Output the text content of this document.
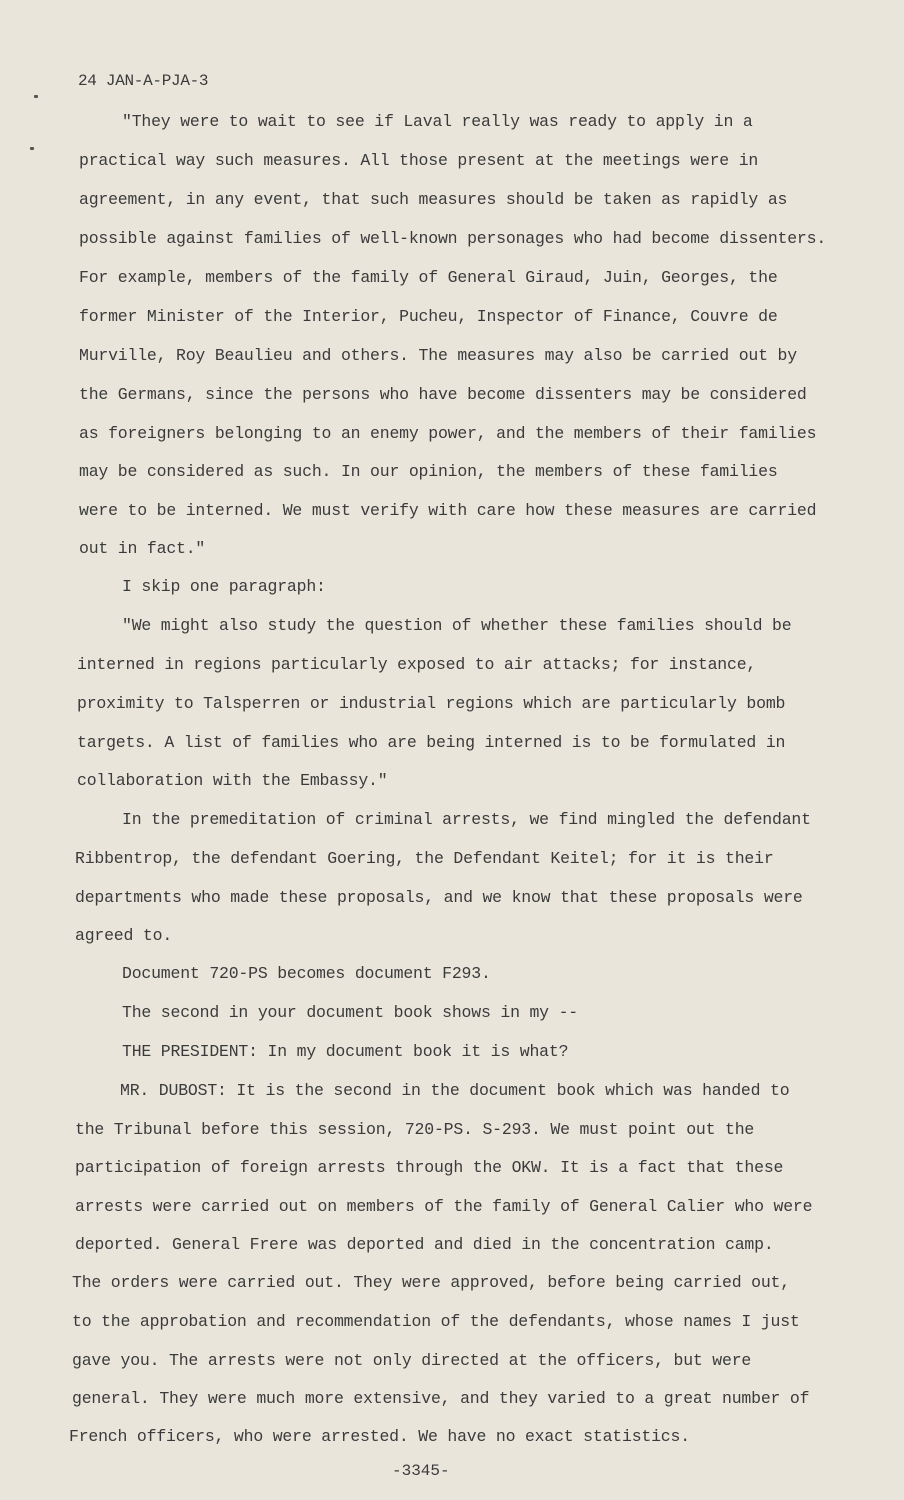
24 JAN-A-PJA-3
"They were to wait to see if Laval really was ready to apply in a
practical way such measures. All those present at the meetings were in
agreement, in any event, that such measures should be taken as rapidly as
possible against families of well-known personages who had become dissenters.
For example, members of the family of General Giraud, Juin, Georges, the
former Minister of the Interior, Pucheu, Inspector of Finance, Couvre de
Murville, Roy Beaulieu and others. The measures may also be carried out by
the Germans, since the persons who have become dissenters may be considered
as foreigners belonging to an enemy power, and the members of their families
may be considered as such. In our opinion, the members of these families
were to be interned. We must verify with care how these measures are carried
out in fact."
I skip one paragraph:
"We might also study the question of whether these families should be
interned in regions particularly exposed to air attacks; for instance,
proximity to Talsperren or industrial regions which are particularly bomb
targets. A list of families who are being interned is to be formulated in
collaboration with the Embassy."
In the premeditation of criminal arrests, we find mingled the defendant
Ribbentrop, the defendant Goering, the Defendant Keitel; for it is their
departments who made these proposals, and we know that these proposals were
agreed to.
Document 720-PS becomes document F293.
The second in your document book shows in my --
THE PRESIDENT: In my document book it is what?
MR. DUBOST: It is the second in the document book which was handed to
the Tribunal before this session, 720-PS. S-293. We must point out the
participation of foreign arrests through the OKW. It is a fact that these
arrests were carried out on members of the family of General Calier who were
deported. General Frere was deported and died in the concentration camp.
The orders were carried out. They were approved, before being carried out,
to the approbation and recommendation of the defendants, whose names I just
gave you. The arrests were not only directed at the officers, but were
general. They were much more extensive, and they varied to a great number of
French officers, who were arrested. We have no exact statistics.
-3345-
